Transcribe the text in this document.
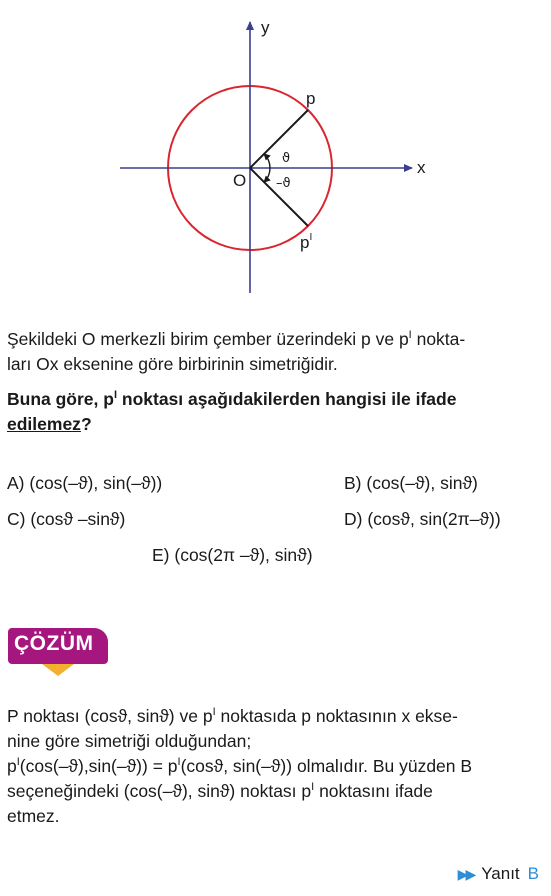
y
x
O
p
$p^I$
ϑ
–ϑ
Şekildeki O merkezli birim çember üzerindeki p ve $p^I$ nokta-
ları Ox eksenine göre birbirinin simetriğidir.
Buna göre, $p^I$ noktası aşağıdakilerden hangisi ile ifade
edilemez?
A) (cos(–ϑ), sin(–ϑ))	B) (cos(–ϑ), sinϑ)
C) (cosϑ –sinϑ)	D) (cosϑ, sin(2π–ϑ))
E) (cos(2π –ϑ), sinϑ)
ÇÖZÜM
P noktası (cosϑ, sinϑ) ve $p^I$ noktasıda p noktasının x ekse-
nine göre simetriği olduğundan;
$p^I(\cos(-ϑ),\sin(-ϑ)) = p^I(\cos ϑ$, sin(–ϑ)) olmalıdır. Bu yüzden B
seçeneğindeki (cos(–ϑ), sinϑ) noktası $p^I$ noktasını ifade
etmez.
▶▶ Yanıt B
